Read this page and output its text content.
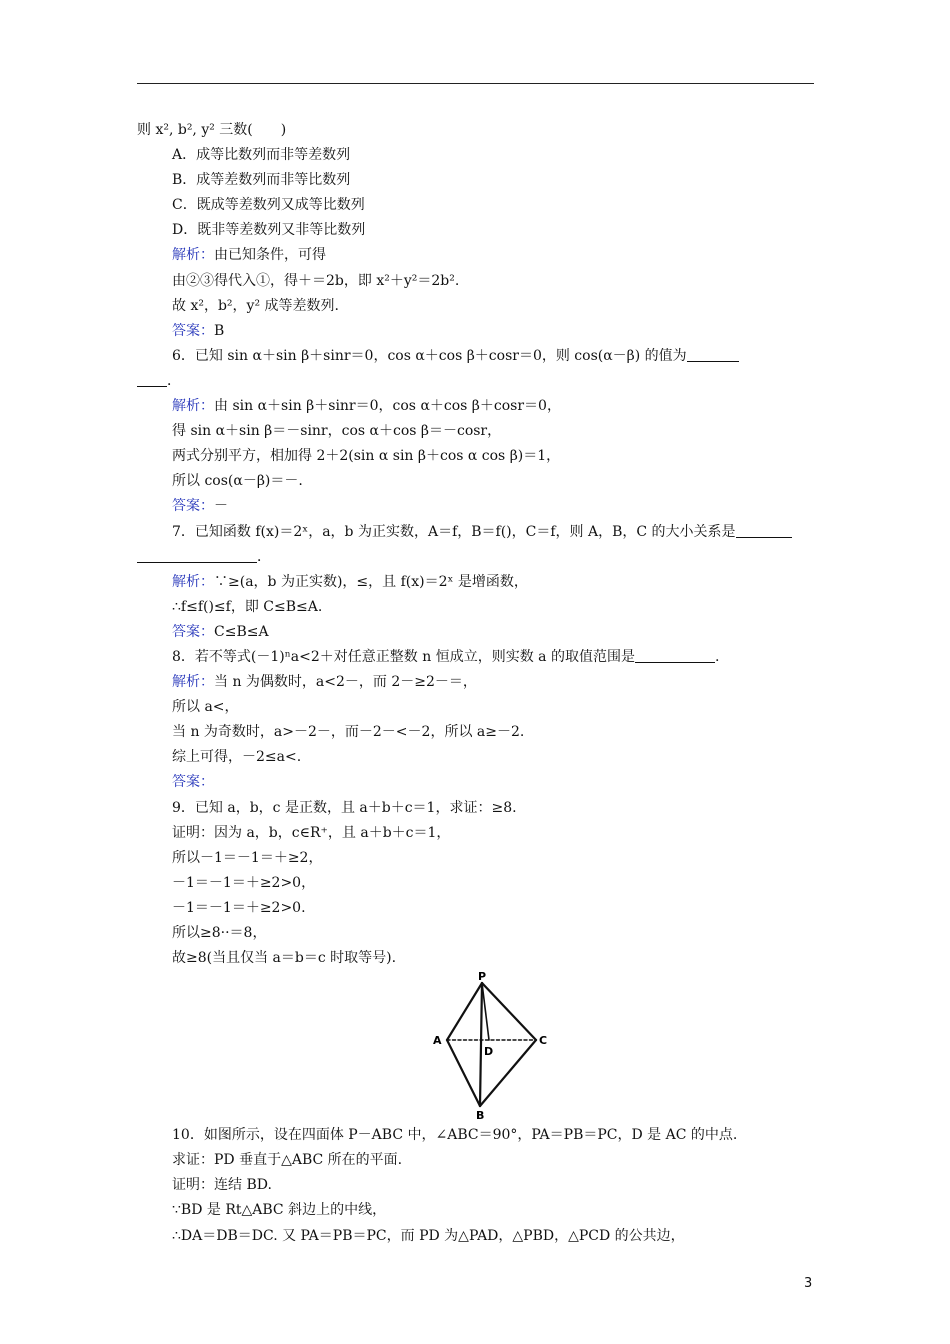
则 x², b², y² 三数(　　)
A．成等比数列而非等差数列
B．成等差数列而非等比数列
C．既成等差数列又成等比数列
D．既非等差数列又非等比数列
解析：由已知条件，可得
由②③得代入①，得＋＝2b，即 x²＋y²＝2b².
故 x²，b²，y² 成等差数列.
答案：B
6．已知 sin α＋sin β＋sinr＝0，cos α＋cos β＋cosr＝0，则 cos(α－β) 的值为
．
解析：由 sin α＋sin β＋sinr＝0，cos α＋cos β＋cosr＝0，
得 sin α＋sin β＝－sinr，cos α＋cos β＝－cosr，
两式分别平方，相加得 2＋2(sin α sin β＋cos α cos β)＝1，
所以 cos(α－β)＝－.
答案：－
7．已知函数 f(x)＝2ˣ，a，b 为正实数，A＝f，B＝f()，C＝f，则 A，B，C 的大小关系是
．
解析：∵≥(a，b 为正实数)，≤，且 f(x)＝2ˣ 是增函数，
∴f≤f()≤f，即 C≤B≤A.
答案：C≤B≤A
8．若不等式(－1)ⁿa<2＋对任意正整数 n 恒成立，则实数 a 的取值范围是	.
解析：当 n 为偶数时，a<2－，而 2－≥2－＝，
所以 a<，
当 n 为奇数时，a>－2－，而－2－<－2，所以 a≥－2.
综上可得，－2≤a<.
答案：
9．已知 a，b，c 是正数，且 a＋b＋c＝1，求证：≥8.
证明：因为 a，b，c∈R⁺，且 a＋b＋c＝1，
所以－1＝－1＝＋≥2，
－1＝－1＝＋≥2>0，
－1＝－1＝＋≥2>0.
所以≥8··＝8，
故≥8(当且仅当 a＝b＝c 时取等号).
P
A	C
B
D
10．如图所示，设在四面体 P－ABC 中，∠ABC＝90°，PA＝PB＝PC，D 是 AC 的中点.
求证：PD 垂直于△ABC 所在的平面.
证明：连结 BD.
∵BD 是 Rt△ABC 斜边上的中线，
∴DA＝DB＝DC. 又 PA＝PB＝PC，而 PD 为△PAD，△PBD，△PCD 的公共边，
3
